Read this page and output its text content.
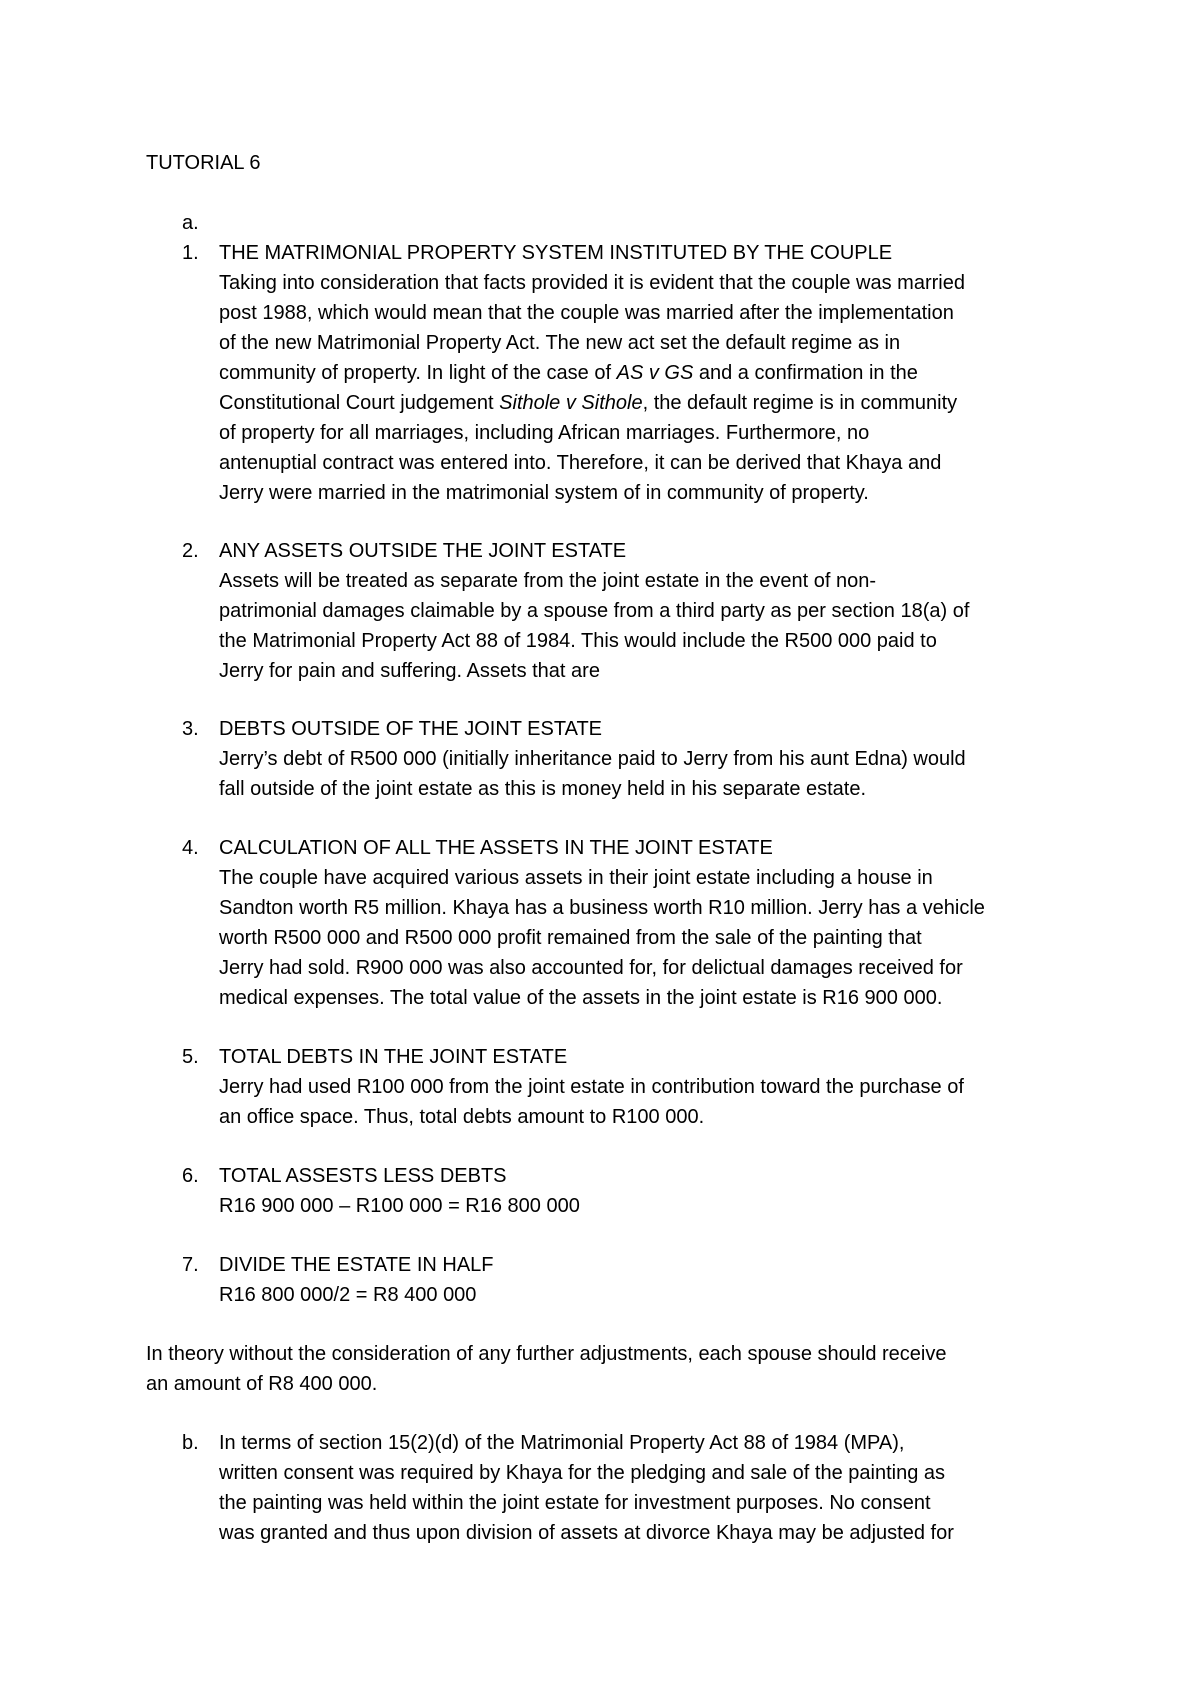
TUTORIAL 6
a.
1.	THE MATRIMONIAL PROPERTY SYSTEM INSTITUTED BY THE COUPLE
Taking into consideration that facts provided it is evident that the couple was married
post 1988, which would mean that the couple was married after the implementation
of the new Matrimonial Property Act. The new act set the default regime as in
community of property. In light of the case of AS v GS and a confirmation in the
Constitutional Court judgement Sithole v Sithole, the default regime is in community
of property for all marriages, including African marriages. Furthermore, no
antenuptial contract was entered into. Therefore, it can be derived that Khaya and
Jerry were married in the matrimonial system of in community of property.
2.	ANY ASSETS OUTSIDE THE JOINT ESTATE
Assets will be treated as separate from the joint estate in the event of non-
patrimonial damages claimable by a spouse from a third party as per section 18(a) of
the Matrimonial Property Act 88 of 1984. This would include the R500 000 paid to
Jerry for pain and suffering. Assets that are
3.	DEBTS OUTSIDE OF THE JOINT ESTATE
Jerry’s debt of R500 000 (initially inheritance paid to Jerry from his aunt Edna) would
fall outside of the joint estate as this is money held in his separate estate.
4.	CALCULATION OF ALL THE ASSETS IN THE JOINT ESTATE
The couple have acquired various assets in their joint estate including a house in
Sandton worth R5 million. Khaya has a business worth R10 million. Jerry has a vehicle
worth R500 000 and R500 000 profit remained from the sale of the painting that
Jerry had sold. R900 000 was also accounted for, for delictual damages received for
medical expenses. The total value of the assets in the joint estate is R16 900 000.
5.	TOTAL DEBTS IN THE JOINT ESTATE
Jerry had used R100 000 from the joint estate in contribution toward the purchase of
an office space. Thus, total debts amount to R100 000.
6.	TOTAL ASSESTS LESS DEBTS
R16 900 000 – R100 000 = R16 800 000
7.	DIVIDE THE ESTATE IN HALF
R16 800 000/2 = R8 400 000
In theory without the consideration of any further adjustments, each spouse should receive
an amount of R8 400 000.
b.	In terms of section 15(2)(d) of the Matrimonial Property Act 88 of 1984 (MPA),
written consent was required by Khaya for the pledging and sale of the painting as
the painting was held within the joint estate for investment purposes. No consent
was granted and thus upon division of assets at divorce Khaya may be adjusted for
